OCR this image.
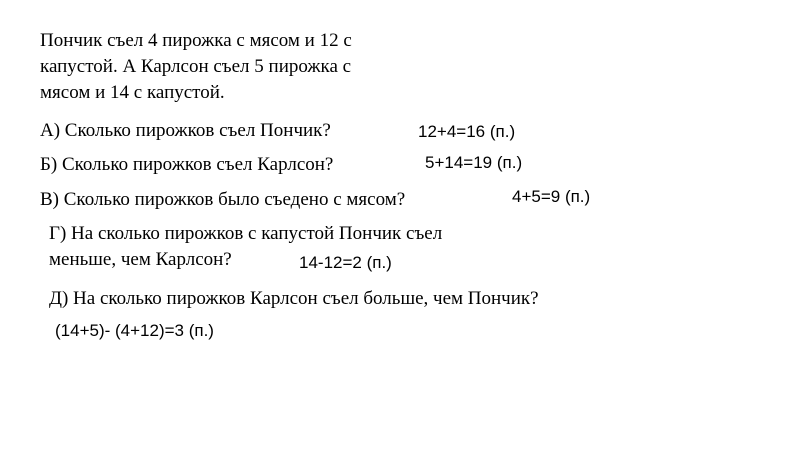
Пончик съел 4 пирожка с мясом и 12 с
капустой. А Карлсон съел 5 пирожка с
мясом и 14 с капустой.
А) Сколько пирожков съел Пончик?	12+4=16 (п.)
Б) Сколько пирожков съел Карлсон?	5+14=19 (п.)
В) Сколько пирожков было съедено с мясом?	4+5=9 (п.)
Г) На сколько пирожков с капустой Пончик съел
меньше, чем Карлсон?	14-12=2 (п.)
Д) На сколько пирожков Карлсон съел больше, чем Пончик?
(14+5)- (4+12)=3 (п.)
